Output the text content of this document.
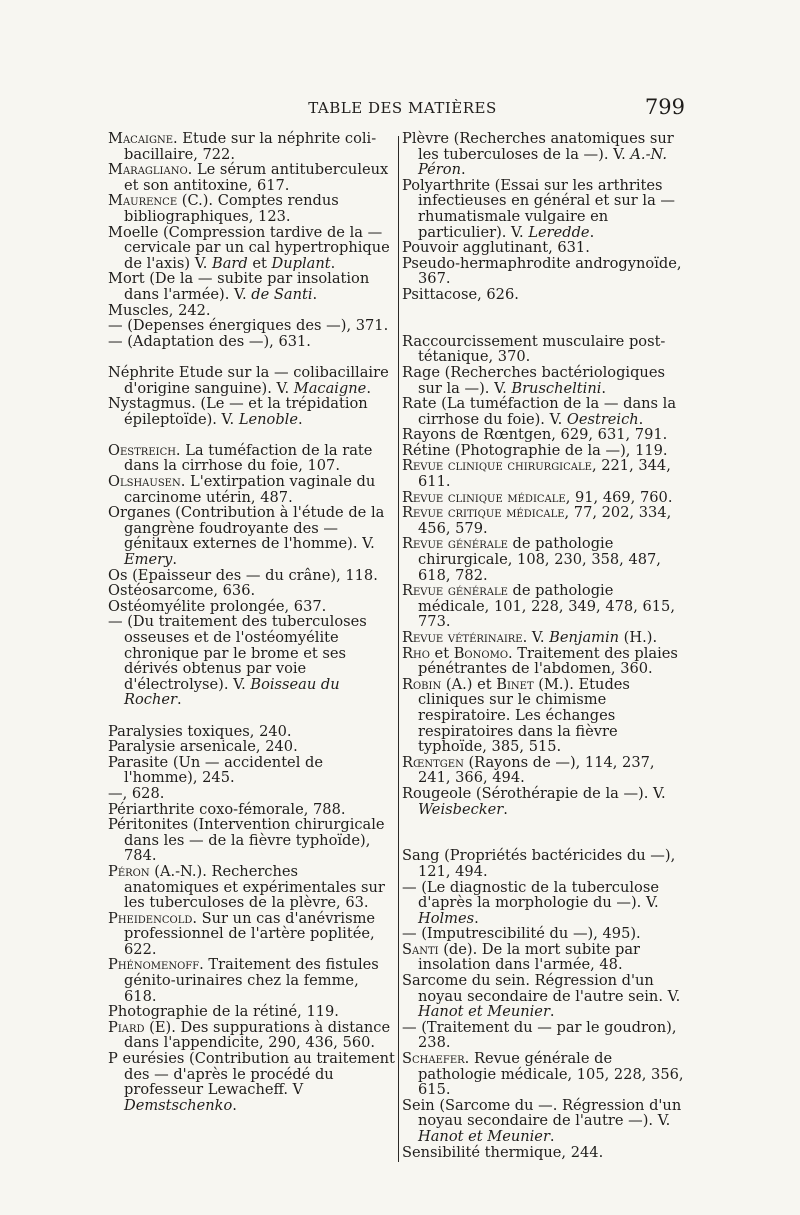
TABLE DES MATIÈRES	799
Macaigne. Etude sur la néphrite coli-bacillaire, 722.
Maragliano. Le sérum antituberculeux et son antitoxine, 617.
Maurence (C.). Comptes rendus bibliographiques, 123.
Moelle (Compression tardive de la — cervicale par un cal hypertrophique de l'axis) V. Bard et Duplant.
Mort (De la — subite par insolation dans l'armée). V. de Santi.
Muscles, 242.
— (Depenses énergiques des —), 371.
— (Adaptation des —), 631.
Néphrite Etude sur la — colibacillaire d'origine sanguine). V. Macaigne.
Nystagmus. (Le — et la trépidation épileptoïde). V. Lenoble.
Oestreich. La tuméfaction de la rate dans la cirrhose du foie, 107.
Olshausen. L'extirpation vaginale du carcinome utérin, 487.
Organes (Contribution à l'étude de la gangrène foudroyante des — génitaux externes de l'homme). V. Emery.
Os (Epaisseur des — du crâne), 118.
Ostéosarcome, 636.
Ostéomyélite prolongée, 637.
— (Du traitement des tuberculoses osseuses et de l'ostéomyélite chronique par le brome et ses dérivés obtenus par voie d'électrolyse). V. Boisseau du Rocher.
Paralysies toxiques, 240.
Paralysie arsenicale, 240.
Parasite (Un — accidentel de l'homme), 245.
—, 628.
Périarthrite coxo-fémorale, 788.
Péritonites (Intervention chirurgicale dans les — de la fièvre typhoïde), 784.
Péron (A.-N.). Recherches anatomiques et expérimentales sur les tuberculoses de la plèvre, 63.
Pheidencold. Sur un cas d'anévrisme professionnel de l'artère poplitée, 622.
Phénomenoff. Traitement des fistules génito-urinaires chez la femme, 618.
Photographie de la rétiné, 119.
Piard (E). Des suppurations à distance dans l'appendicite, 290, 436, 560.
P eurésies (Contribution au traitement des — d'après le procédé du professeur Lewacheff. V Demstschenko.
Plèvre (Recherches anatomiques sur les tuberculoses de la —). V. A.-N. Péron.
Polyarthrite (Essai sur les arthrites infectieuses en général et sur la — rhumatismale vulgaire en particulier). V. Leredde.
Pouvoir agglutinant, 631.
Pseudo-hermaphrodite androgynoïde, 367.
Psittacose, 626.
Raccourcissement musculaire post-tétanique, 370.
Rage (Recherches bactériologiques sur la —). V. Bruscheltini.
Rate (La tuméfaction de la — dans la cirrhose du foie). V. Oestreich.
Rayons de Rœntgen, 629, 631, 791.
Rétine (Photographie de la —), 119.
Revue clinique chirurgicale, 221, 344, 611.
Revue clinique médicale, 91, 469, 760.
Revue critique médicale, 77, 202, 334, 456, 579.
Revue générale de pathologie chirurgicale, 108, 230, 358, 487, 618, 782.
Revue générale de pathologie médicale, 101, 228, 349, 478, 615, 773.
Revue vétérinaire. V. Benjamin (H.).
Rho et Bonomo. Traitement des plaies pénétrantes de l'abdomen, 360.
Robin (A.) et Binet (M.). Etudes cliniques sur le chimisme respiratoire. Les échanges respiratoires dans la fièvre typhoïde, 385, 515.
Rœntgen (Rayons de —), 114, 237, 241, 366, 494.
Rougeole (Sérothérapie de la —). V. Weisbecker.
Sang (Propriétés bactéricides du —), 121, 494.
— (Le diagnostic de la tuberculose d'après la morphologie du —). V. Holmes.
— (Imputrescibilité du —), 495).
Santi (de). De la mort subite par insolation dans l'armée, 48.
Sarcome du sein. Régression d'un noyau secondaire de l'autre sein. V. Hanot et Meunier.
— (Traitement du — par le goudron), 238.
Schaefer. Revue générale de pathologie médicale, 105, 228, 356, 615.
Sein (Sarcome du —. Régression d'un noyau secondaire de l'autre —). V. Hanot et Meunier.
Sensibilité thermique, 244.
